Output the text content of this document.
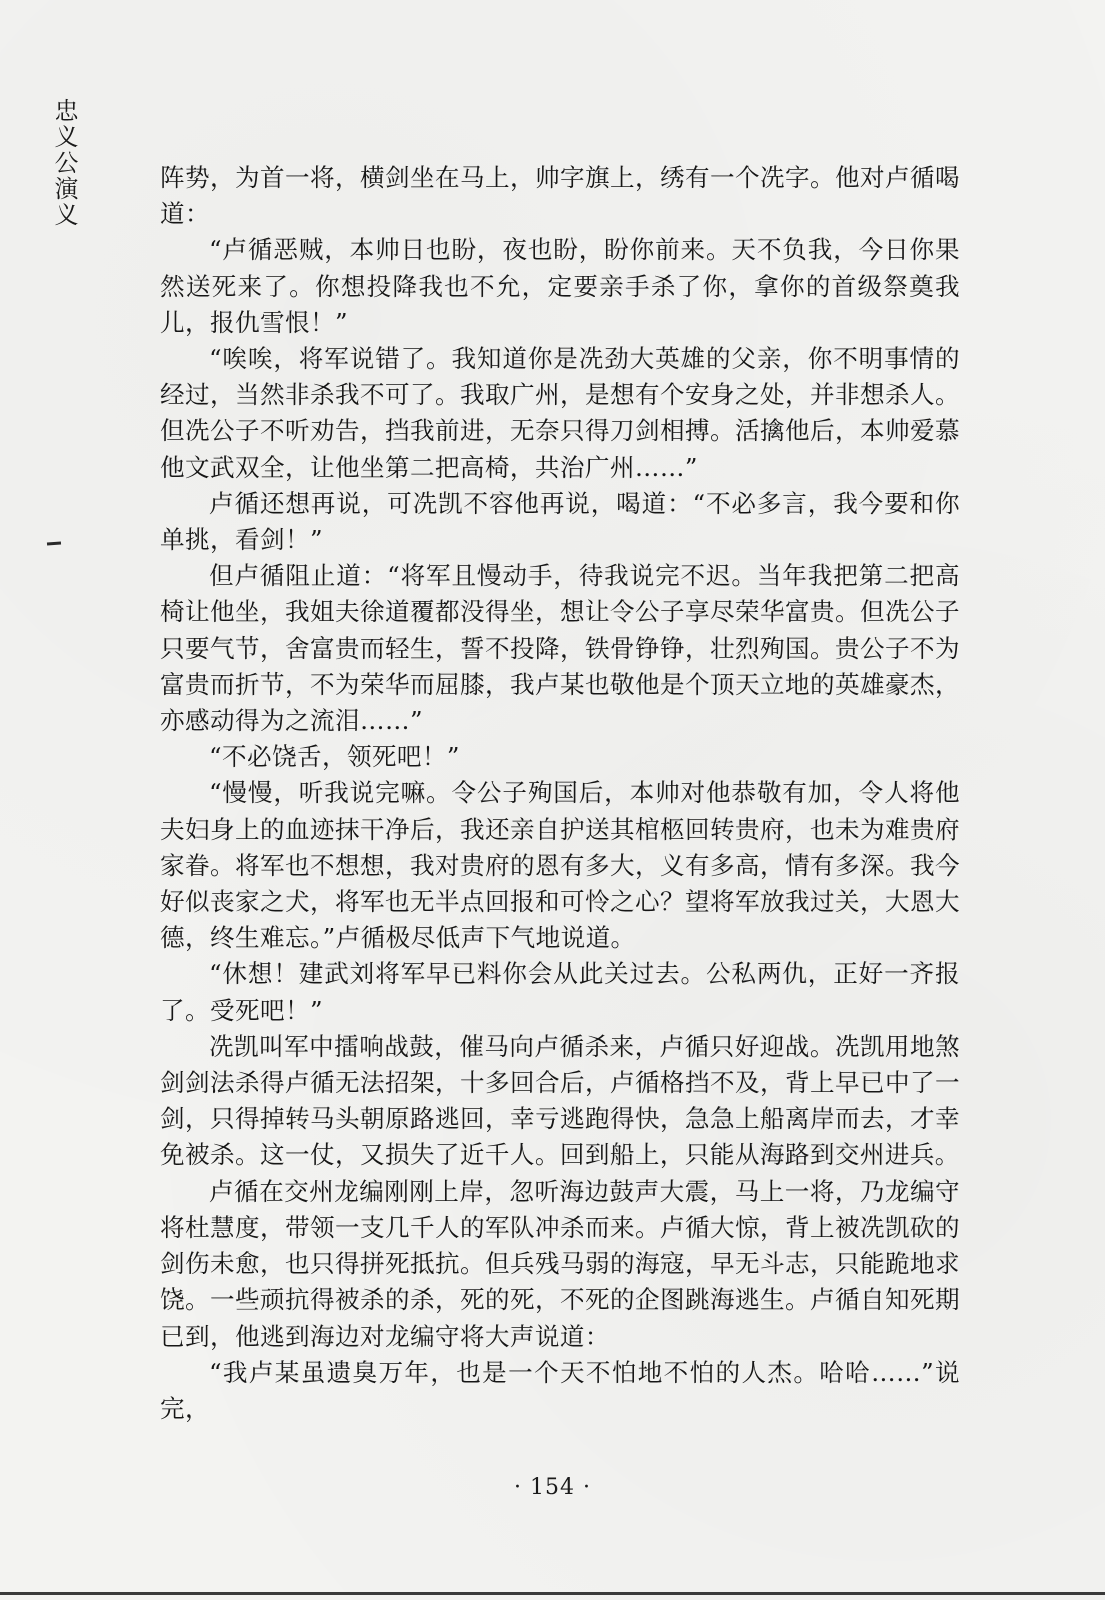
忠义公演义	阵势，为首一将，横剑坐在马上，帅字旗上，绣有一个冼字。他对卢循喝道：

“卢循恶贼，本帅日也盼，夜也盼，盼你前来。天不负我，今日你果然送死来了。你想投降我也不允，定要亲手杀了你，拿你的首级祭奠我儿，报仇雪恨！”

“唉唉，将军说错了。我知道你是冼劲大英雄的父亲，你不明事情的经过，当然非杀我不可了。我取广州，是想有个安身之处，并非想杀人。但冼公子不听劝告，挡我前进，无奈只得刀剑相搏。活擒他后，本帅爱慕他文武双全，让他坐第二把高椅，共治广州……”

卢循还想再说，可冼凯不容他再说，喝道：“不必多言，我今要和你单挑，看剑！”

但卢循阻止道：“将军且慢动手，待我说完不迟。当年我把第二把高椅让他坐，我姐夫徐道覆都没得坐，想让令公子享尽荣华富贵。但冼公子只要气节，舍富贵而轻生，誓不投降，铁骨铮铮，壮烈殉国。贵公子不为富贵而折节，不为荣华而屈膝，我卢某也敬他是个顶天立地的英雄豪杰，亦感动得为之流泪……”

“不必饶舌，领死吧！”

“慢慢，听我说完嘛。令公子殉国后，本帅对他恭敬有加，令人将他夫妇身上的血迹抹干净后，我还亲自护送其棺柩回转贵府，也未为难贵府家眷。将军也不想想，我对贵府的恩有多大，义有多高，情有多深。我今好似丧家之犬，将军也无半点回报和可怜之心？望将军放我过关，大恩大德，终生难忘。”卢循极尽低声下气地说道。

“休想！建武刘将军早已料你会从此关过去。公私两仇，正好一齐报了。受死吧！”

冼凯叫军中擂响战鼓，催马向卢循杀来，卢循只好迎战。冼凯用地煞剑剑法杀得卢循无法招架，十多回合后，卢循格挡不及，背上早已中了一剑，只得掉转马头朝原路逃回，幸亏逃跑得快，急急上船离岸而去，才幸免被杀。这一仗，又损失了近千人。回到船上，只能从海路到交州进兵。

卢循在交州龙编刚刚上岸，忽听海边鼓声大震，马上一将，乃龙编守将杜慧度，带领一支几千人的军队冲杀而来。卢循大惊，背上被冼凯砍的剑伤未愈，也只得拼死抵抗。但兵残马弱的海寇，早无斗志，只能跪地求饶。一些顽抗得被杀的杀，死的死，不死的企图跳海逃生。卢循自知死期已到，他逃到海边对龙编守将大声说道：

“我卢某虽遗臭万年，也是一个天不怕地不怕的人杰。哈哈……”说完，

· 154 ·
